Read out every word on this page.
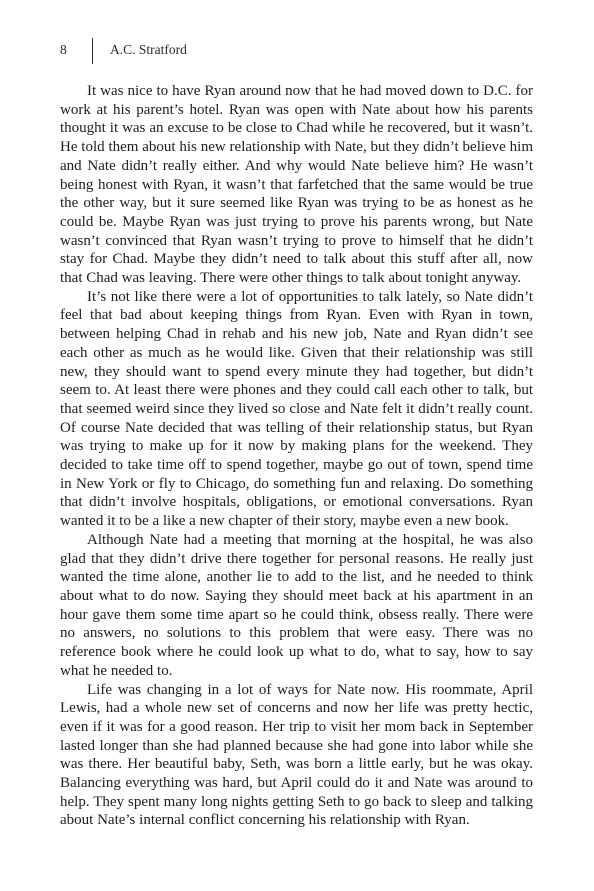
8	A.C. Stratford

It was nice to have Ryan around now that he had moved down to D.C. for work at his parent’s hotel. Ryan was open with Nate about how his parents thought it was an excuse to be close to Chad while he recovered, but it wasn’t. He told them about his new relationship with Nate, but they didn’t believe him and Nate didn’t really either. And why would Nate believe him? He wasn’t being honest with Ryan, it wasn’t that farfetched that the same would be true the other way, but it sure seemed like Ryan was trying to be as honest as he could be. Maybe Ryan was just trying to prove his parents wrong, but Nate wasn’t convinced that Ryan wasn’t trying to prove to himself that he didn’t stay for Chad. Maybe they didn’t need to talk about this stuff after all, now that Chad was leaving. There were other things to talk about tonight anyway.

It’s not like there were a lot of opportunities to talk lately, so Nate didn’t feel that bad about keeping things from Ryan. Even with Ryan in town, between helping Chad in rehab and his new job, Nate and Ryan didn’t see each other as much as he would like. Given that their relationship was still new, they should want to spend every minute they had together, but didn’t seem to. At least there were phones and they could call each other to talk, but that seemed weird since they lived so close and Nate felt it didn’t really count. Of course Nate decided that was telling of their relationship status, but Ryan was trying to make up for it now by making plans for the weekend. They decided to take time off to spend together, maybe go out of town, spend time in New York or fly to Chicago, do something fun and relaxing. Do something that didn’t involve hospitals, obligations, or emotional conversations. Ryan wanted it to be a like a new chapter of their story, maybe even a new book.

Although Nate had a meeting that morning at the hospital, he was also glad that they didn’t drive there together for personal reasons. He really just wanted the time alone, another lie to add to the list, and he needed to think about what to do now. Saying they should meet back at his apartment in an hour gave them some time apart so he could think, obsess really. There were no answers, no solutions to this problem that were easy. There was no reference book where he could look up what to do, what to say, how to say what he needed to.

Life was changing in a lot of ways for Nate now. His roommate, April Lewis, had a whole new set of concerns and now her life was pretty hectic, even if it was for a good reason. Her trip to visit her mom back in September lasted longer than she had planned because she had gone into labor while she was there. Her beautiful baby, Seth, was born a little early, but he was okay. Balancing everything was hard, but April could do it and Nate was around to help. They spent many long nights getting Seth to go back to sleep and talking about Nate’s internal conflict concerning his relationship with Ryan.
